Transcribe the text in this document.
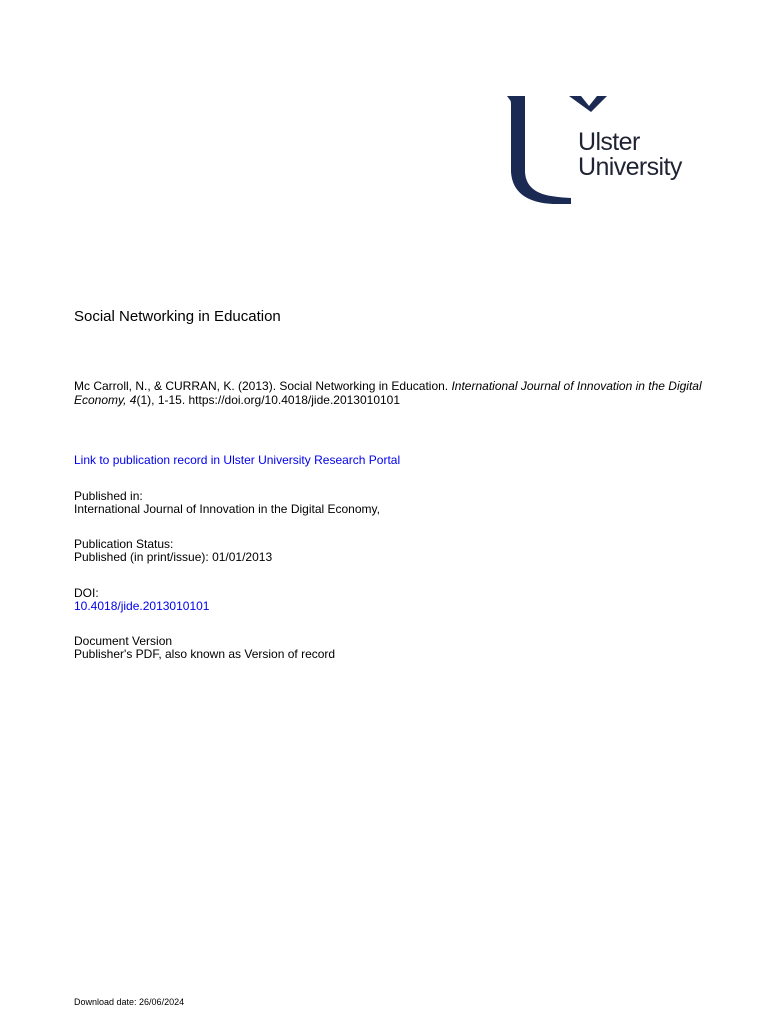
Ulster
University
Social Networking in Education
Mc Carroll, N., & CURRAN, K. (2013). Social Networking in Education. International Journal of Innovation in the Digital Economy, 4(1), 1-15. https://doi.org/10.4018/jide.2013010101
Link to publication record in Ulster University Research Portal
Published in:
International Journal of Innovation in the Digital Economy,
Publication Status:
Published (in print/issue): 01/01/2013
DOI:
10.4018/jide.2013010101
Document Version
Publisher's PDF, also known as Version of record
Download date: 26/06/2024
